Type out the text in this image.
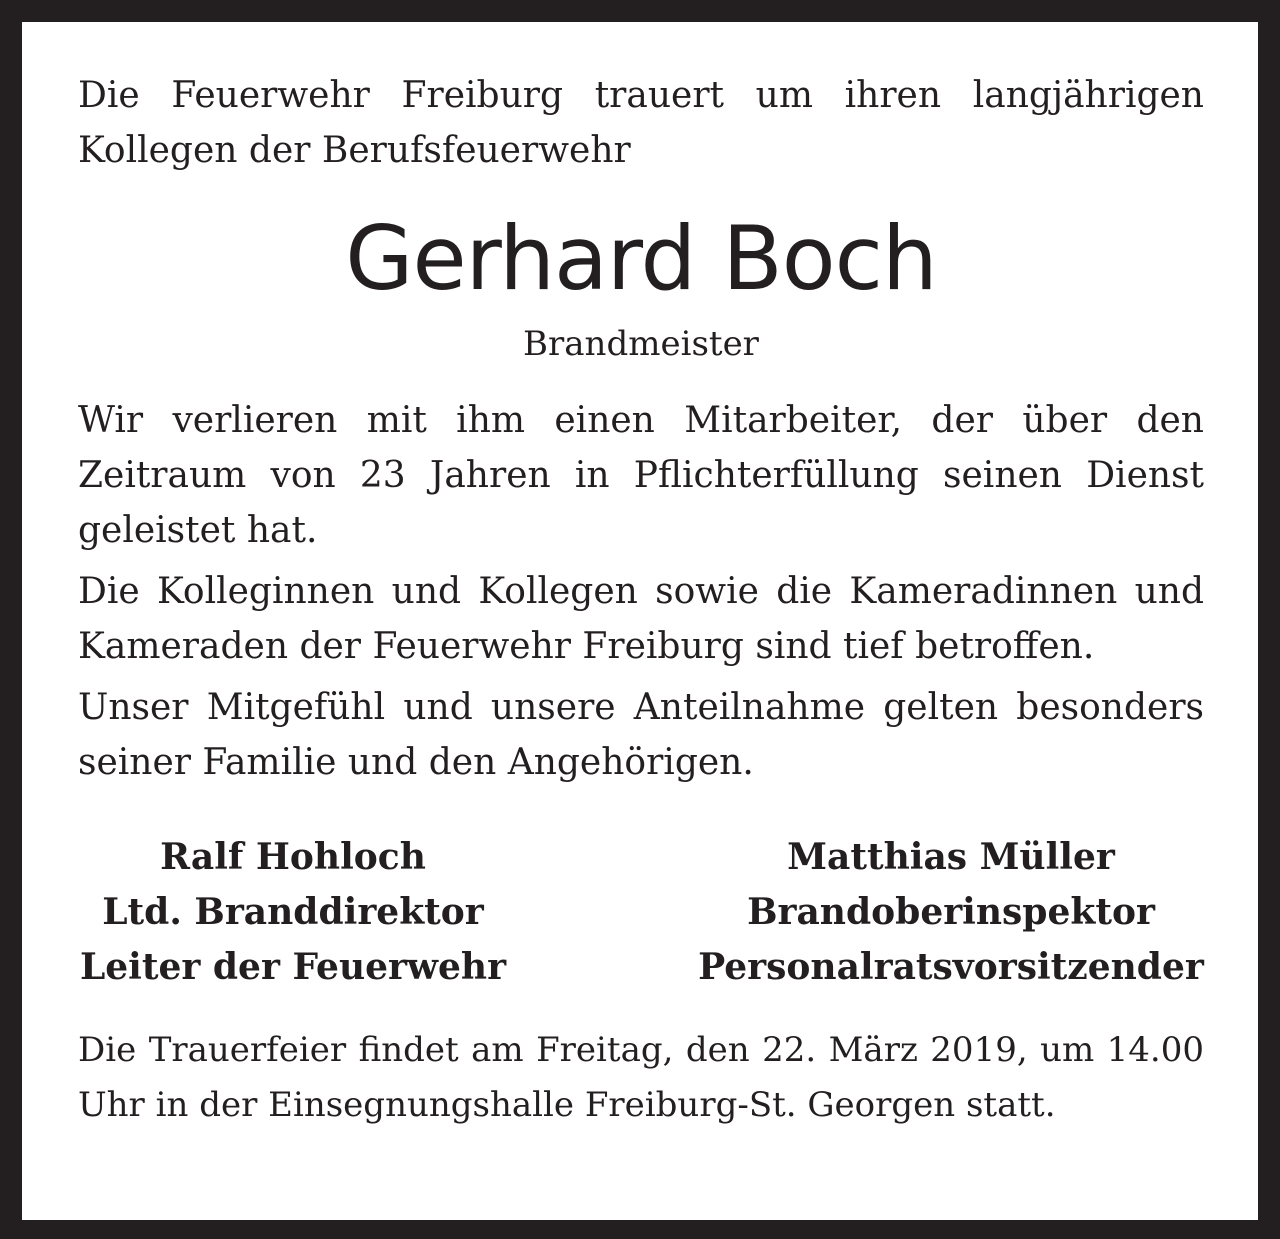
Die Feuerwehr Freiburg trauert um ihren langjährigen
Kollegen der Berufsfeuerwehr

Gerhard Boch

Brandmeister

Wir verlieren mit ihm einen Mitarbeiter, der über den Zeitraum von 23 Jahren in Pflichterfüllung seinen Dienst geleistet hat.

Die Kolleginnen und Kollegen sowie die Kameradinnen und Kameraden der Feuerwehr Freiburg sind tief betroffen.

Unser Mitgefühl und unsere Anteilnahme gelten besonders seiner Familie und den Angehörigen.

Ralf Hohloch
Ltd. Branddirektor
Leiter der Feuerwehr
Matthias Müller
Brandoberinspektor
Personalratsvorsitzender

Die Trauerfeier findet am Freitag, den 22. März 2019, um 14.00 Uhr in der Einsegnungshalle Freiburg-St. Georgen statt.
